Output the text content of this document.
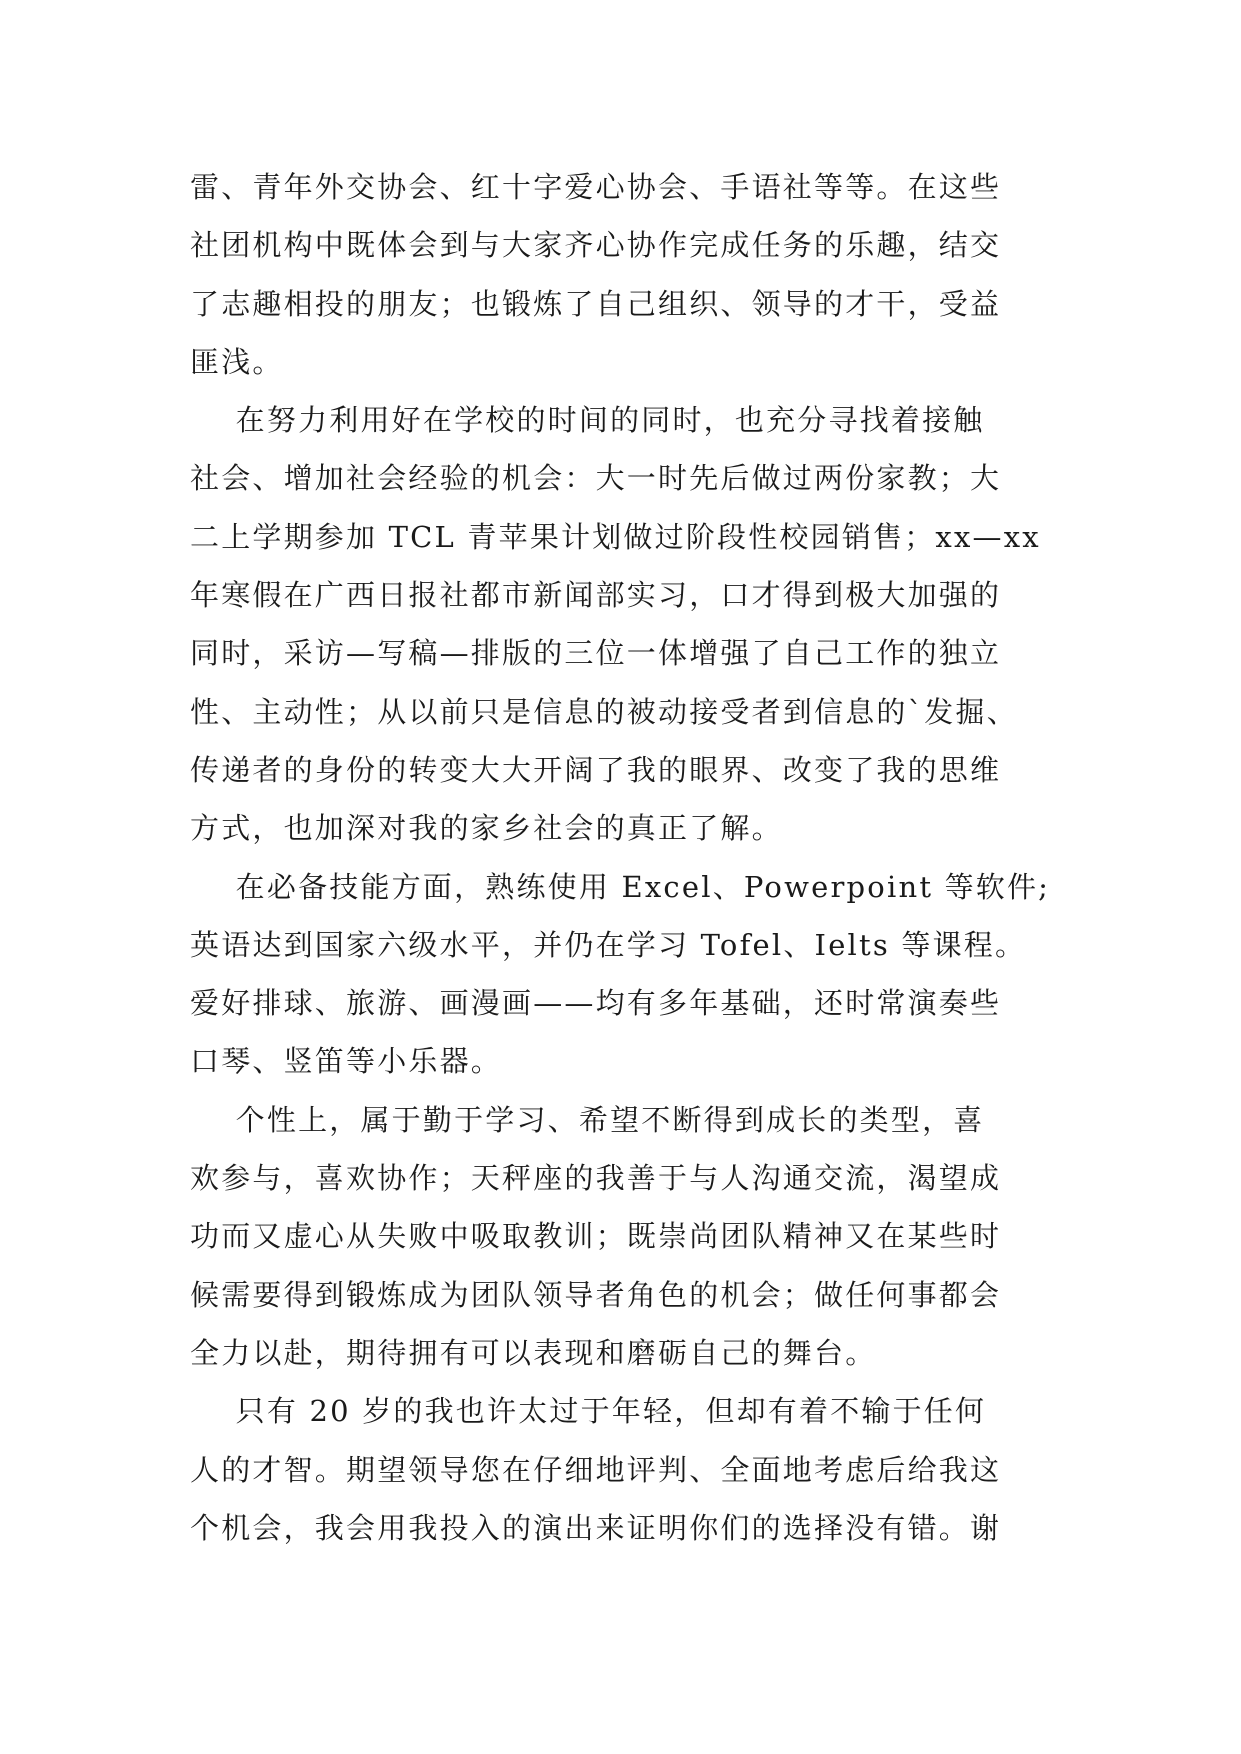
雷、青年外交协会、红十字爱心协会、手语社等等。在这些
社团机构中既体会到与大家齐心协作完成任务的乐趣，结交
了志趣相投的朋友；也锻炼了自己组织、领导的才干，受益
匪浅。
在努力利用好在学校的时间的同时，也充分寻找着接触
社会、增加社会经验的机会：大一时先后做过两份家教；大
二上学期参加 TCL 青苹果计划做过阶段性校园销售；xx—xx
年寒假在广西日报社都市新闻部实习，口才得到极大加强的
同时，采访—写稿—排版的三位一体增强了自己工作的独立
性、主动性；从以前只是信息的被动接受者到信息的`发掘、
传递者的身份的转变大大开阔了我的眼界、改变了我的思维
方式，也加深对我的家乡社会的真正了解。
在必备技能方面，熟练使用 Excel、Powerpoint 等软件;
英语达到国家六级水平，并仍在学习 Tofel、Ielts 等课程。
爱好排球、旅游、画漫画——均有多年基础，还时常演奏些
口琴、竖笛等小乐器。
个性上，属于勤于学习、希望不断得到成长的类型，喜
欢参与，喜欢协作；天秤座的我善于与人沟通交流，渴望成
功而又虚心从失败中吸取教训；既崇尚团队精神又在某些时
候需要得到锻炼成为团队领导者角色的机会；做任何事都会
全力以赴，期待拥有可以表现和磨砺自己的舞台。
只有 20 岁的我也许太过于年轻，但却有着不输于任何
人的才智。期望领导您在仔细地评判、全面地考虑后给我这
个机会，我会用我投入的演出来证明你们的选择没有错。谢
